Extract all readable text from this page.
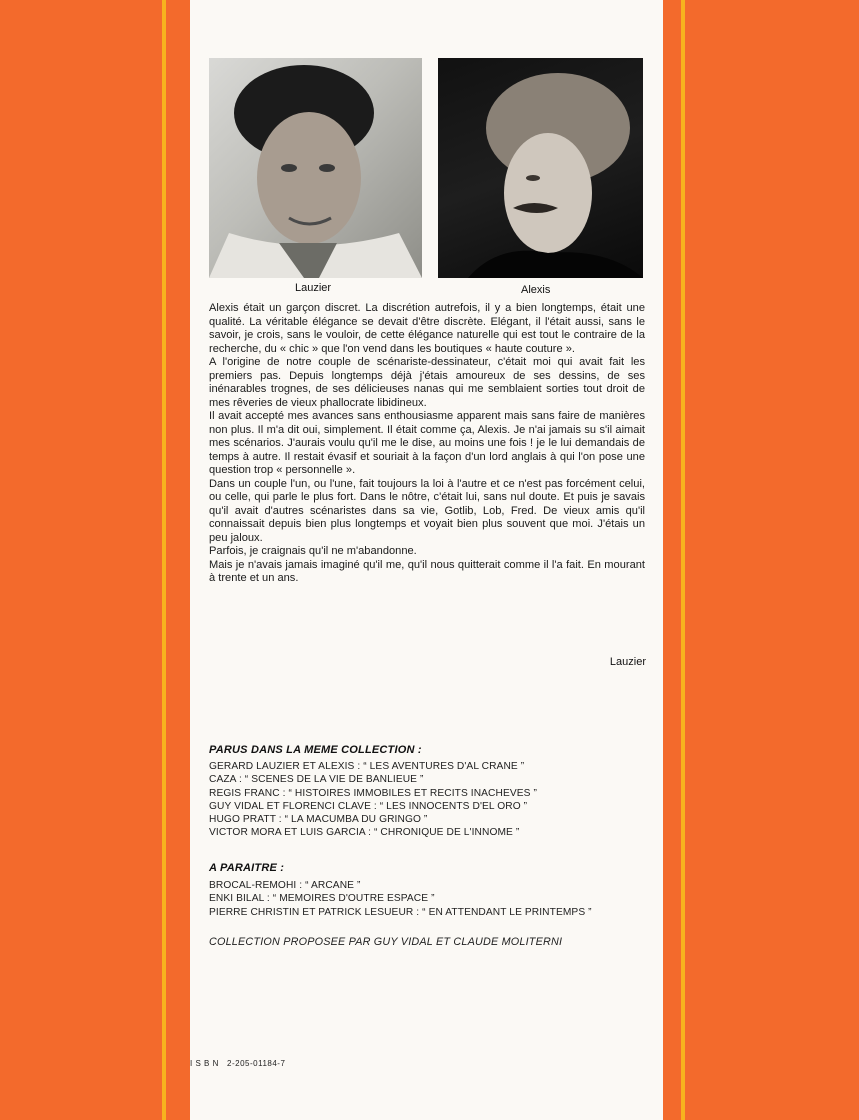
Lauzier	Alexis

Alexis était un garçon discret. La discrétion autrefois, il y a bien longtemps, était une qualité. La véritable élégance se devait d'être discrète. Elégant, il l'était aussi, sans le savoir, je crois, sans le vouloir, de cette élégance naturelle qui est tout le contraire de la recherche, du « chic » que l'on vend dans les boutiques « haute couture ».

A l'origine de notre couple de scénariste-dessinateur, c'était moi qui avait fait les premiers pas. Depuis longtemps déjà j'étais amoureux de ses dessins, de ses inénarables trognes, de ses délicieuses nanas qui me semblaient sorties tout droit de mes rêveries de vieux phallocrate libidineux.

Il avait accepté mes avances sans enthousiasme apparent mais sans faire de manières non plus. Il m'a dit oui, simplement. Il était comme ça, Alexis. Je n'ai jamais su s'il aimait mes scénarios. J'aurais voulu qu'il me le dise, au moins une fois ! je le lui demandais de temps à autre. Il restait évasif et souriait à la façon d'un lord anglais à qui l'on pose une question trop « personnelle ».

Dans un couple l'un, ou l'une, fait toujours la loi à l'autre et ce n'est pas forcément celui, ou celle, qui parle le plus fort. Dans le nôtre, c'était lui, sans nul doute. Et puis je savais qu'il avait d'autres scénaristes dans sa vie, Gotlib, Lob, Fred. De vieux amis qu'il connaissait depuis bien plus longtemps et voyait bien plus souvent que moi. J'étais un peu jaloux.

Parfois, je craignais qu'il ne m'abandonne.

Mais je n'avais jamais imaginé qu'il me, qu'il nous quitterait comme il l'a fait. En mourant à trente et un ans.

Lauzier
PARUS DANS LA MEME COLLECTION :
GERARD LAUZIER ET ALEXIS : “ LES AVENTURES D'AL CRANE ”
CAZA : “ SCENES DE LA VIE DE BANLIEUE ”
REGIS FRANC : “ HISTOIRES IMMOBILES ET RECITS INACHEVES ”
GUY VIDAL ET FLORENCI CLAVE : “ LES INNOCENTS D'EL ORO ”
HUGO PRATT : “ LA MACUMBA DU GRINGO ”
VICTOR MORA ET LUIS GARCIA : “ CHRONIQUE DE L'INNOME ”
A PARAITRE :
BROCAL-REMOHI : “ ARCANE ”
ENKI BILAL : “ MEMOIRES D'OUTRE ESPACE ”
PIERRE CHRISTIN ET PATRICK LESUEUR : “ EN ATTENDANT LE PRINTEMPS ”
COLLECTION PROPOSEE PAR GUY VIDAL ET CLAUDE MOLITERNI
I S B N   2-205-01184-7
